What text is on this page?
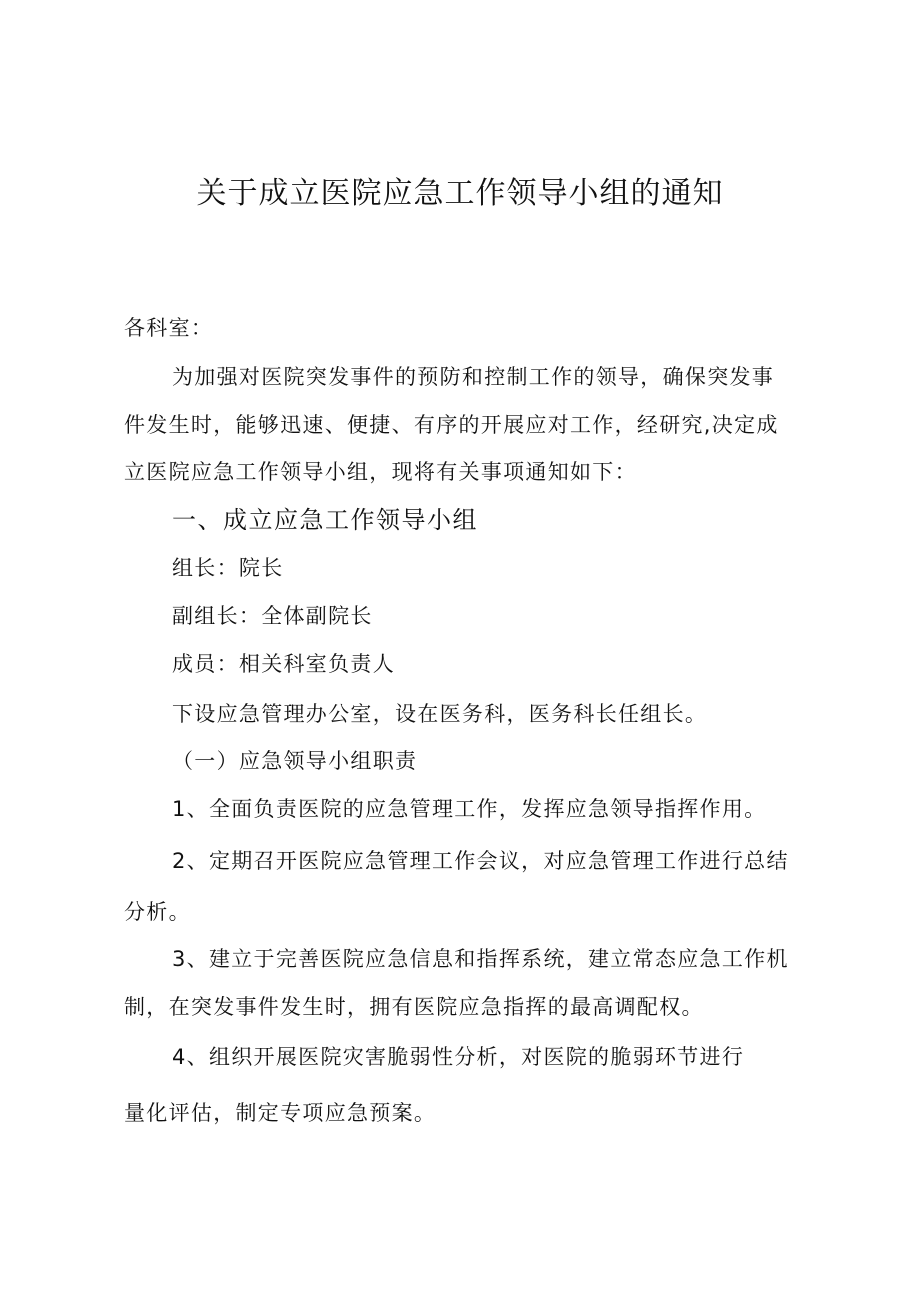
关于成立医院应急工作领导小组的通知
各科室：
为加强对医院突发事件的预防和控制工作的领导，确保突发事
件发生时，能够迅速、便捷、有序的开展应对工作，经研究,决定成
立医院应急工作领导小组，现将有关事项通知如下：
一、成立应急工作领导小组
组长：院长
副组长：全体副院长
成员：相关科室负责人
下设应急管理办公室，设在医务科，医务科长任组长。
（一）应急领导小组职责
1、全面负责医院的应急管理工作，发挥应急领导指挥作用。
2、定期召开医院应急管理工作会议，对应急管理工作进行总结
分析。
3、建立于完善医院应急信息和指挥系统，建立常态应急工作机
制，在突发事件发生时，拥有医院应急指挥的最高调配权。
4、组织开展医院灾害脆弱性分析，对医院的脆弱环节进行
量化评估，制定专项应急预案。
